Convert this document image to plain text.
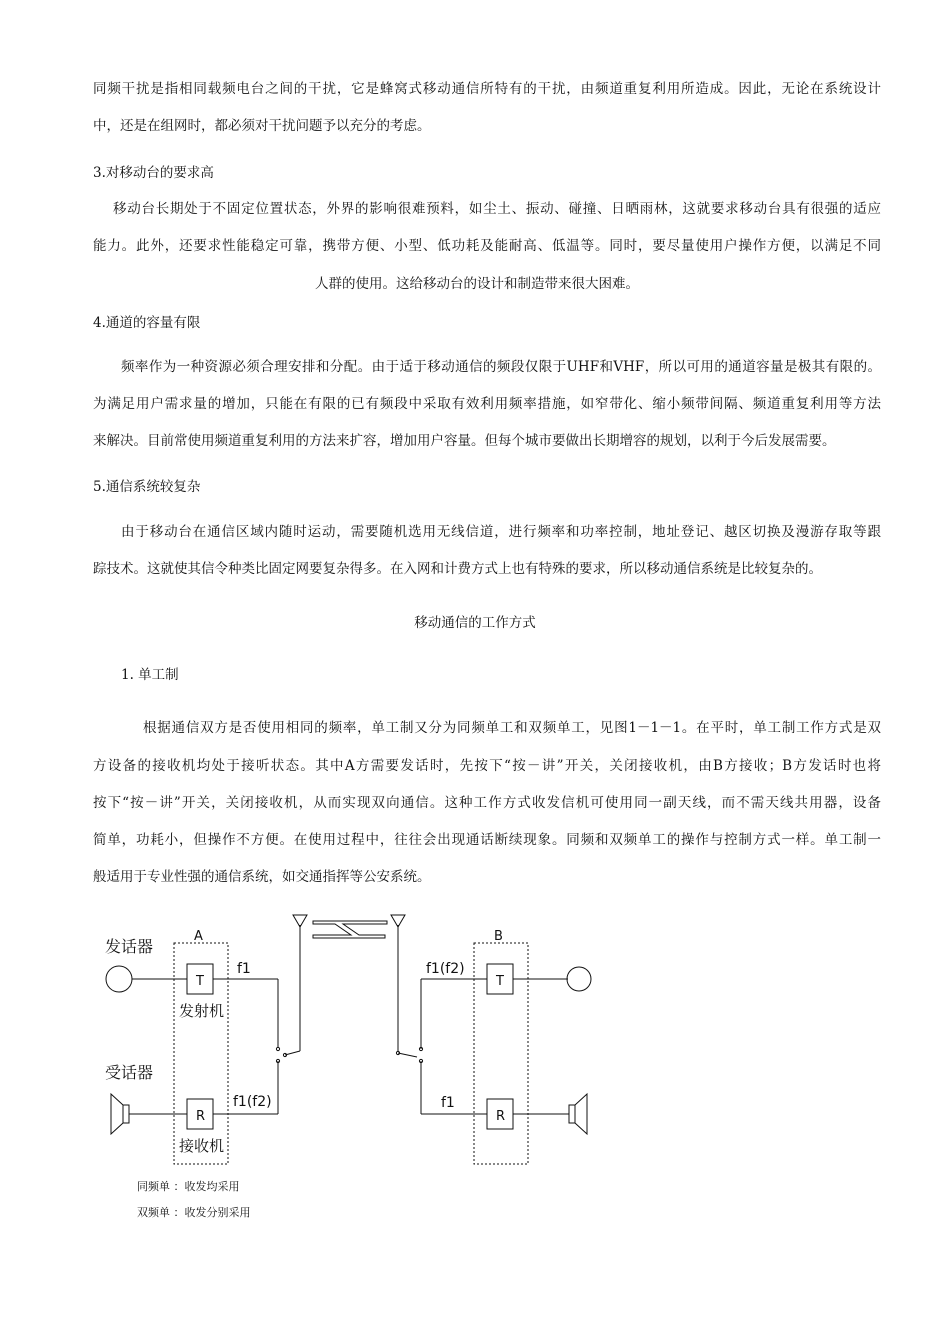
同频干扰是指相同载频电台之间的干扰，它是蜂窝式移动通信所特有的干扰，由频道重复利用所造成。因此，无论在系统设计
中，还是在组网时，都必须对干扰问题予以充分的考虑。
3.对移动台的要求高
移动台长期处于不固定位置状态，外界的影响很难预料，如尘土、振动、碰撞、日晒雨林，这就要求移动台具有很强的适应
能力。此外，还要求性能稳定可靠，携带方便、小型、低功耗及能耐高、低温等。同时，要尽量使用户操作方便，以满足不同
人群的使用。这给移动台的设计和制造带来很大困难。
4.通道的容量有限
频率作为一种资源必须合理安排和分配。由于适于移动通信的频段仅限于UHF和VHF，所以可用的通道容量是极其有限的。
为满足用户需求量的增加，只能在有限的已有频段中采取有效利用频率措施，如窄带化、缩小频带间隔、频道重复利用等方法
来解决。目前常使用频道重复利用的方法来扩容，增加用户容量。但每个城市要做出长期增容的规划，以利于今后发展需要。
5.通信系统较复杂
由于移动台在通信区域内随时运动，需要随机选用无线信道，进行频率和功率控制，地址登记、越区切换及漫游存取等跟
踪技术。这就使其信令种类比固定网要复杂得多。在入网和计费方式上也有特殊的要求，所以移动通信系统是比较复杂的。
移动通信的工作方式
1. 单工制
根据通信双方是否使用相同的频率，单工制又分为同频单工和双频单工，见图1－1－1。在平时，单工制工作方式是双
方设备的接收机均处于接听状态。其中A方需要发话时，先按下“按－讲”开关，关闭接收机，由B方接收；B方发话时也将
按下“按－讲”开关，关闭接收机，从而实现双向通信。这种工作方式收发信机可使用同一副天线，而不需天线共用器，设备
简单，功耗小，但操作不方便。在使用过程中，往往会出现通话断续现象。同频和双频单工的操作与控制方式一样。单工制一
般适用于专业性强的通信系统，如交通指挥等公安系统。
A	B
发话器
受话器
T
R
T
R
发射机
接收机
f1
f1(f2)
f1(f2)
f1
同频单 ：收发均采用
双频单 ：收发分别采用
